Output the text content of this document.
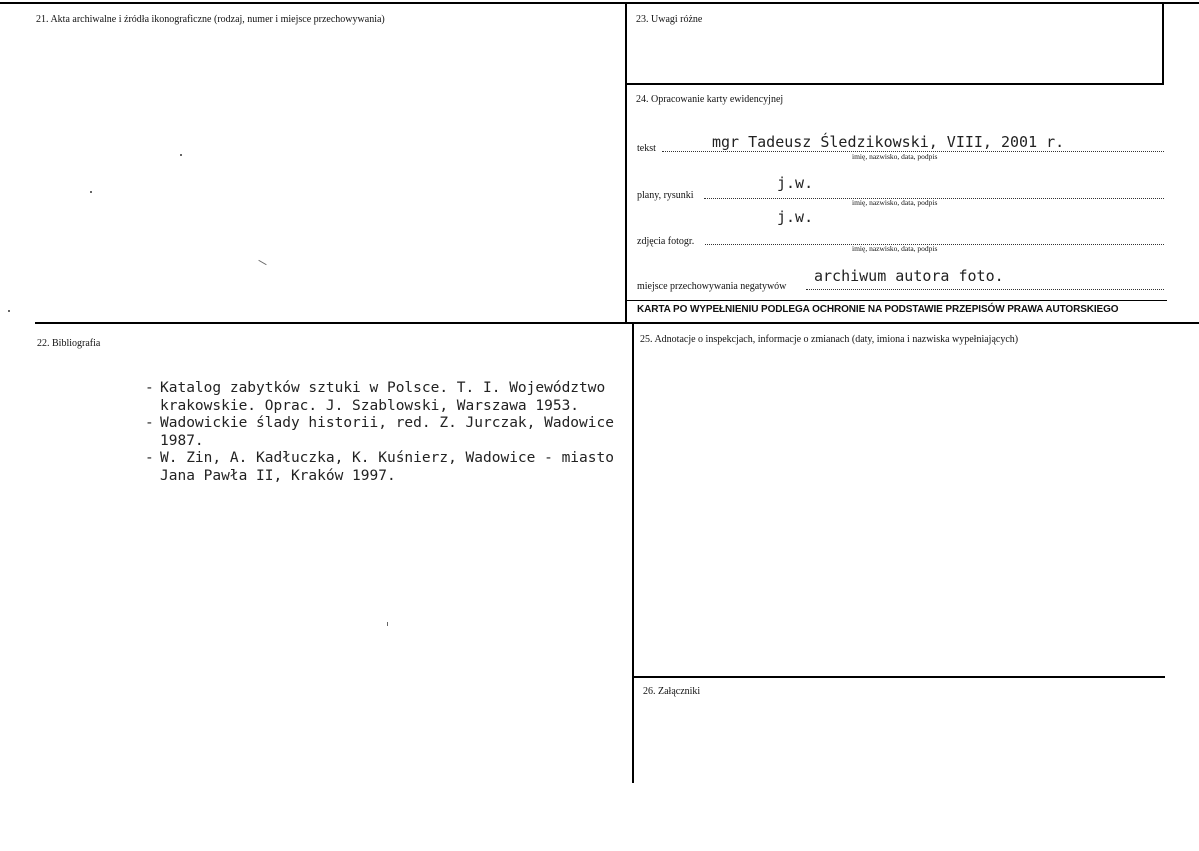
21. Akta archiwalne i źródła ikonograficzne (rodzaj, numer i miejsce przechowywania)	23. Uwagi różne
24. Opracowanie karty ewidencyjnej
tekst	mgr Tadeusz Śledzikowski, VIII, 2001 r.
imię, nazwisko, data, podpis
plany, rysunki
j.w.
imię, nazwisko, data, podpis
zdjęcia fotogr.
j.w.
imię, nazwisko, data, podpis
miejsce przechowywania negatywów
archiwum autora foto.
KARTA PO WYPEŁNIENIU PODLEGA OCHRONIE NA PODSTAWIE PRZEPISÓW PRAWA AUTORSKIEGO
22. Bibliografia
- Katalog zabytków sztuki w Polsce. T. I. Województwo krakowskie. Oprac. J. Szablowski, Warszawa 1953.
- Wadowickie ślady historii, red. Z. Jurczak, Wadowice 1987.
- W. Zin, A. Kadłuczka, K. Kuśnierz, Wadowice - miasto Jana Pawła II, Kraków 1997.
25. Adnotacje o inspekcjach, informacje o zmianach (daty, imiona i nazwiska wypełniających)
26. Załączniki
